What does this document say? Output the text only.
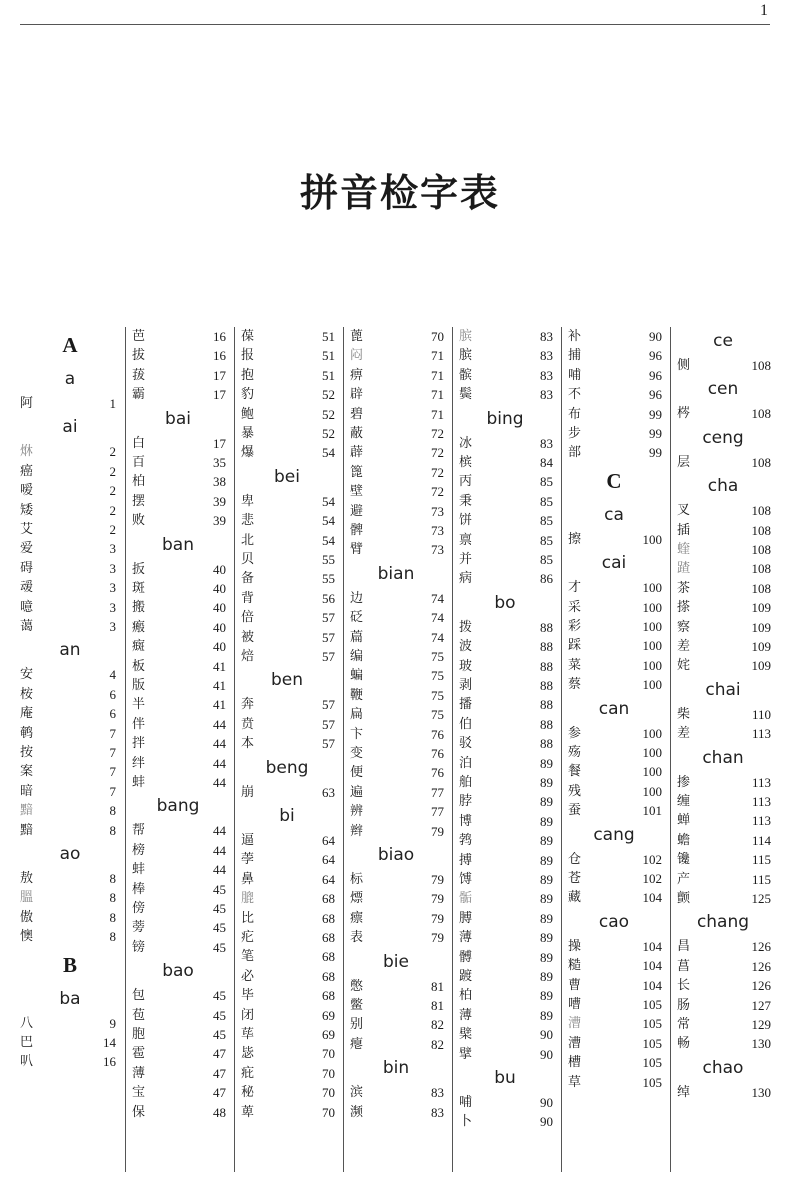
1
拼音检字表
A
a
阿	1
ai
烌	2
癌	2
嗳	2
矮	2
艾	2
爱	3
碍	3
叆	3
噫	3
蔼	3
an
安	4
桉	6
庵	6
鹌	7
按	7
案	7
暗	7
黯	8
黯	8
ao
敖	8
膃	8
傲	8
懊	8
B
ba
八	9
巴	14
叭	16
芭	16
拔	16
菝	17
霸	17
bai
白	17
百	35
柏	38
摆	39
败	39
ban
扳	40
斑	40
搬	40
瘢	40
癍	40
板	41
版	41
半	41
伴	44
拌	44
绊	44
蚌	44
bang
帮	44
榜	44
蚌	44
棒	45
傍	45
蒡	45
镑	45
bao
包	45
苞	45
胞	45
雹	47
薄	47
宝	47
保	48
葆	51
报	51
抱	51
豹	52
鲍	52
暴	52
爆	54
bei
卑	54
悲	54
北	54
贝	55
备	55
背	56
倍	57
被	57
焙	57
ben
奔	57
贲	57
本	57
beng
崩	63
bi
逼	64
荸	64
鼻	64
膍	68
比	68
疕	68
笔	68
必	68
毕	68
闭	69
荜	69
毖	70
疪	70
秘	70
萆	70
蓖	70
闷	71
痹	71
辟	71
碧	71
蔽	72
薜	72
篦	72
壁	72
避	73
髀	73
臂	73
bian
边	74
砭	74
萹	74
编	75
蝙	75
鞭	75
扁	75
卞	76
变	76
便	76
遍	77
辨	77
辫	79
biao
标	79
熛	79
瘭	79
表	79
bie
憋	81
鳖	81
别	82
瘪	82
bin
滨	83
濒	83
膑	83
膑	83
髌	83
鬓	83
bing
冰	83
槟	84
丙	85
秉	85
饼	85
禀	85
并	85
病	86
bo
拨	88
波	88
玻	88
剥	88
播	88
伯	88
驳	88
泊	89
舶	89
脖	89
博	89
鹁	89
搏	89
馎	89
骺	89
膊	89
薄	89
髆	89
踱	89
柏	89
薄	89
檗	90
擘	90
bu
哺	90
卜	90
补	90
捕	96
哺	96
不	96
布	99
步	99
部	99
C
ca
擦	100
cai
才	100
采	100
彩	100
踩	100
菜	100
蔡	100
can
参	100
殇	100
餐	100
残	100
蚕	101
cang
仓	102
苍	102
藏	104
cao
操	104
糙	104
曹	104
嘈	105
漕	105
漕	105
槽	105
草	105
ce
侧	108
cen
梣	108
ceng
层	108
cha
叉	108
插	108
蝰	108
蹅	108
茶	108
搽	109
察	109
差	109
姹	109
chai
柴	110
差	113
chan
掺	113
缠	113
蝉	113
蟾	114
镵	115
产	115
颤	125
chang
昌	126
菖	126
长	126
肠	127
常	129
畅	130
chao
绰	130
